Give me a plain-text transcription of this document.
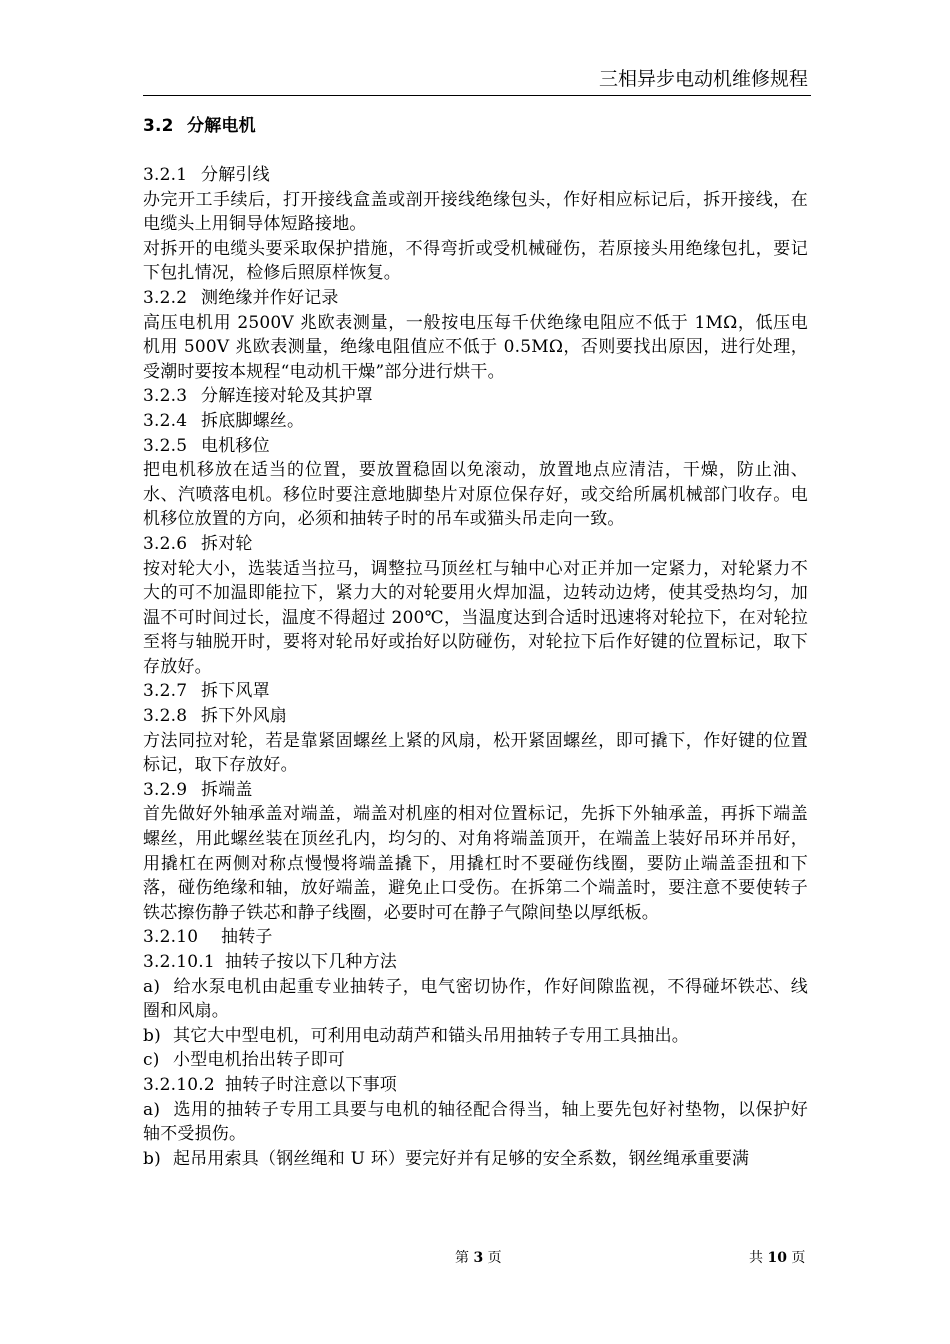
三相异步电动机维修规程

3.2 分解电机

3.2.1 分解引线

办完开工手续后，打开接线盒盖或剖开接线绝缘包头，作好相应标记后，拆开接线，在电缆头上用铜导体短路接地。

对拆开的电缆头要采取保护措施，不得弯折或受机械碰伤，若原接头用绝缘包扎，要记下包扎情况，检修后照原样恢复。

3.2.2 测绝缘并作好记录

高压电机用 2500V 兆欧表测量，一般按电压每千伏绝缘电阻应不低于 1MΩ，低压电机用 500V 兆欧表测量，绝缘电阻值应不低于 0.5MΩ，否则要找出原因，进行处理，受潮时要按本规程“电动机干燥”部分进行烘干。

3.2.3 分解连接对轮及其护罩

3.2.4 拆底脚螺丝。

3.2.5 电机移位

把电机移放在适当的位置，要放置稳固以免滚动，放置地点应清洁，干燥，防止油、水、汽喷落电机。移位时要注意地脚垫片对原位保存好，或交给所属机械部门收存。电机移位放置的方向，必须和抽转子时的吊车或猫头吊走向一致。

3.2.6 拆对轮

按对轮大小，选装适当拉马，调整拉马顶丝杠与轴中心对正并加一定紧力，对轮紧力不大的可不加温即能拉下，紧力大的对轮要用火焊加温，边转动边烤，使其受热均匀，加温不可时间过长，温度不得超过 200℃，当温度达到合适时迅速将对轮拉下，在对轮拉至将与轴脱开时，要将对轮吊好或抬好以防碰伤，对轮拉下后作好键的位置标记，取下存放好。

3.2.7 拆下风罩

3.2.8 拆下外风扇

方法同拉对轮，若是靠紧固螺丝上紧的风扇，松开紧固螺丝，即可撬下，作好键的位置标记，取下存放好。

3.2.9 拆端盖

首先做好外轴承盖对端盖，端盖对机座的相对位置标记，先拆下外轴承盖，再拆下端盖螺丝，用此螺丝装在顶丝孔内，均匀的、对角将端盖顶开，在端盖上装好吊环并吊好，用撬杠在两侧对称点慢慢将端盖撬下，用撬杠时不要碰伤线圈，要防止端盖歪扭和下落，碰伤绝缘和轴，放好端盖，避免止口受伤。在拆第二个端盖时，要注意不要使转子铁芯擦伤静子铁芯和静子线圈，必要时可在静子气隙间垫以厚纸板。

3.2.10 抽转子

3.2.10.1 抽转子按以下几种方法

a) 给水泵电机由起重专业抽转子，电气密切协作，作好间隙监视，不得碰坏铁芯、线圈和风扇。

b) 其它大中型电机，可利用电动葫芦和锚头吊用抽转子专用工具抽出。

c) 小型电机抬出转子即可

3.2.10.2 抽转子时注意以下事项

a) 选用的抽转子专用工具要与电机的轴径配合得当，轴上要先包好衬垫物，以保护好轴不受损伤。

b) 起吊用索具（钢丝绳和 U 环）要完好并有足够的安全系数，钢丝绳承重要满

第 3 页	共 10 页
